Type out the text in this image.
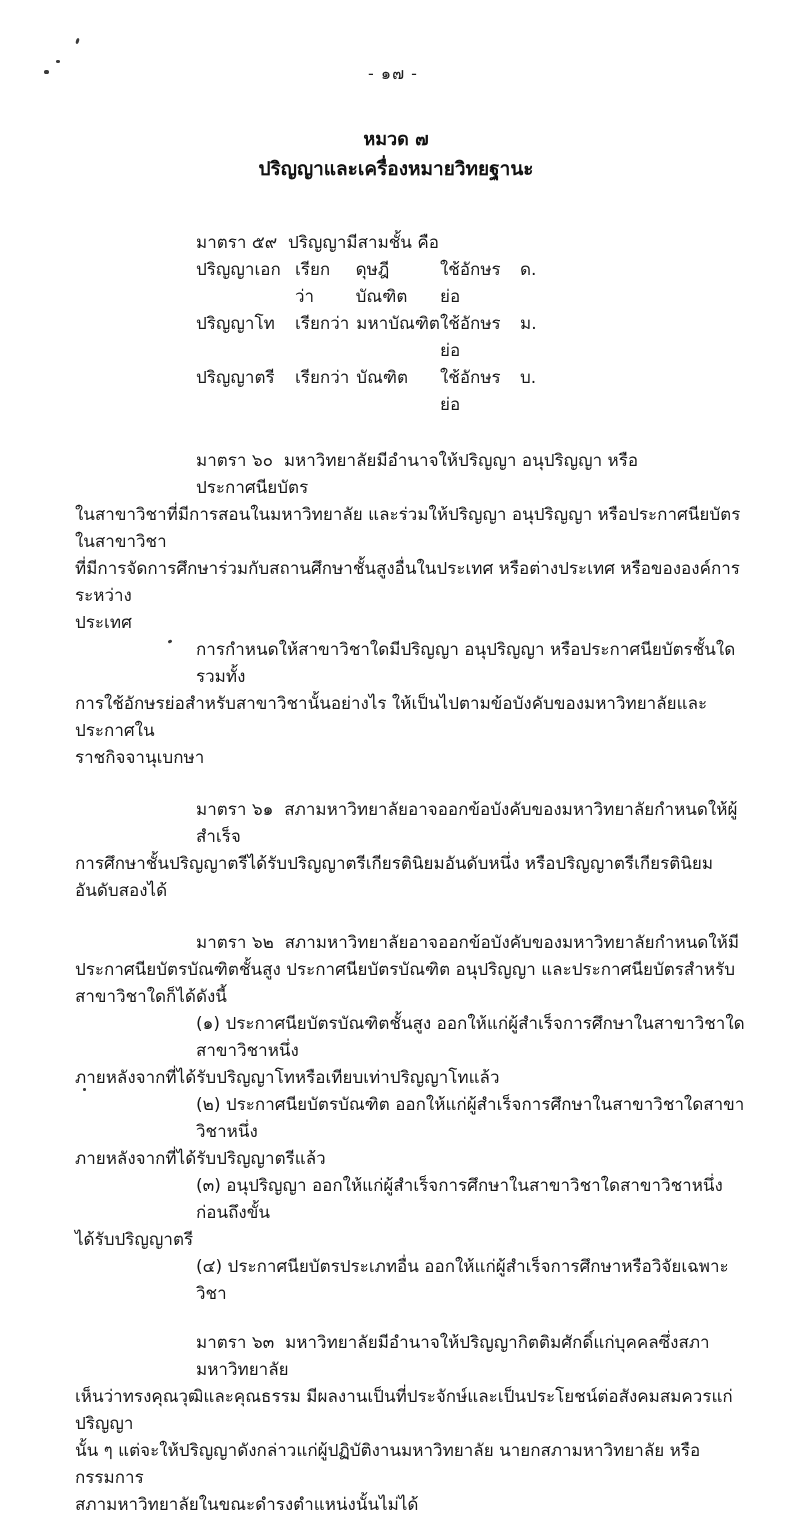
- ๑๗ -
หมวด ๗
ปริญญาและเครื่องหมายวิทยฐานะ
มาตรา ๕๙  ปริญญามีสามชั้น คือ
ปริญญาเอก เรียกว่า
ดุษฎีบัณฑิต
ใช้อักษรย่อ
ด.
ปริญญาโท	เรียกว่า มหาบัณฑิต ใช้อักษรย่อ
ม.
ปริญญาตรี	เรียกว่า บัณฑิต ใช้อักษรย่อ
บ.
มาตรา ๖๐  มหาวิทยาลัยมีอำนาจให้ปริญญา อนุปริญญา หรือประกาศนียบัตร
ในสาขาวิชาที่มีการสอนในมหาวิทยาลัย และร่วมให้ปริญญา อนุปริญญา หรือประกาศนียบัตรในสาขาวิชา
ที่มีการจัดการศึกษาร่วมกับสถานศึกษาชั้นสูงอื่นในประเทศ หรือต่างประเทศ หรือขององค์การระหว่าง
ประเทศ
การกำหนดให้สาขาวิชาใดมีปริญญา อนุปริญญา หรือประกาศนียบัตรชั้นใด รวมทั้ง
การใช้อักษรย่อสำหรับสาขาวิชานั้นอย่างไร ให้เป็นไปตามข้อบังคับของมหาวิทยาลัยและประกาศใน
ราชกิจจานุเบกษา
มาตรา ๖๑  สภามหาวิทยาลัยอาจออกข้อบังคับของมหาวิทยาลัยกำหนดให้ผู้สำเร็จ
การศึกษาชั้นปริญญาตรีได้รับปริญญาตรีเกียรตินิยมอันดับหนึ่ง หรือปริญญาตรีเกียรตินิยมอันดับสองได้
มาตรา ๖๒  สภามหาวิทยาลัยอาจออกข้อบังคับของมหาวิทยาลัยกำหนดให้มี
ประกาศนียบัตรบัณฑิตชั้นสูง ประกาศนียบัตรบัณฑิต อนุปริญญา และประกาศนียบัตรสำหรับ
สาขาวิชาใดก็ได้ดังนี้
(๑) ประกาศนียบัตรบัณฑิตชั้นสูง ออกให้แก่ผู้สำเร็จการศึกษาในสาขาวิชาใดสาขาวิชาหนึ่ง
ภายหลังจากที่ได้รับปริญญาโทหรือเทียบเท่าปริญญาโทแล้ว
(๒) ประกาศนียบัตรบัณฑิต ออกให้แก่ผู้สำเร็จการศึกษาในสาขาวิชาใดสาขาวิชาหนึ่ง
ภายหลังจากที่ได้รับปริญญาตรีแล้ว
(๓) อนุปริญญา ออกให้แก่ผู้สำเร็จการศึกษาในสาขาวิชาใดสาขาวิชาหนึ่งก่อนถึงขั้น
ได้รับปริญญาตรี
(๔) ประกาศนียบัตรประเภทอื่น ออกให้แก่ผู้สำเร็จการศึกษาหรือวิจัยเฉพาะวิชา
มาตรา ๖๓  มหาวิทยาลัยมีอำนาจให้ปริญญากิตติมศักดิ์แก่บุคคลซึ่งสภามหาวิทยาลัย
เห็นว่าทรงคุณวุฒิและคุณธรรม มีผลงานเป็นที่ประจักษ์และเป็นประโยชน์ต่อสังคมสมควรแก่ปริญญา
นั้น ๆ แต่จะให้ปริญญาดังกล่าวแก่ผู้ปฏิบัติงานมหาวิทยาลัย นายกสภามหาวิทยาลัย หรือกรรมการ
สภามหาวิทยาลัยในขณะดำรงตำแหน่งนั้นไม่ได้
